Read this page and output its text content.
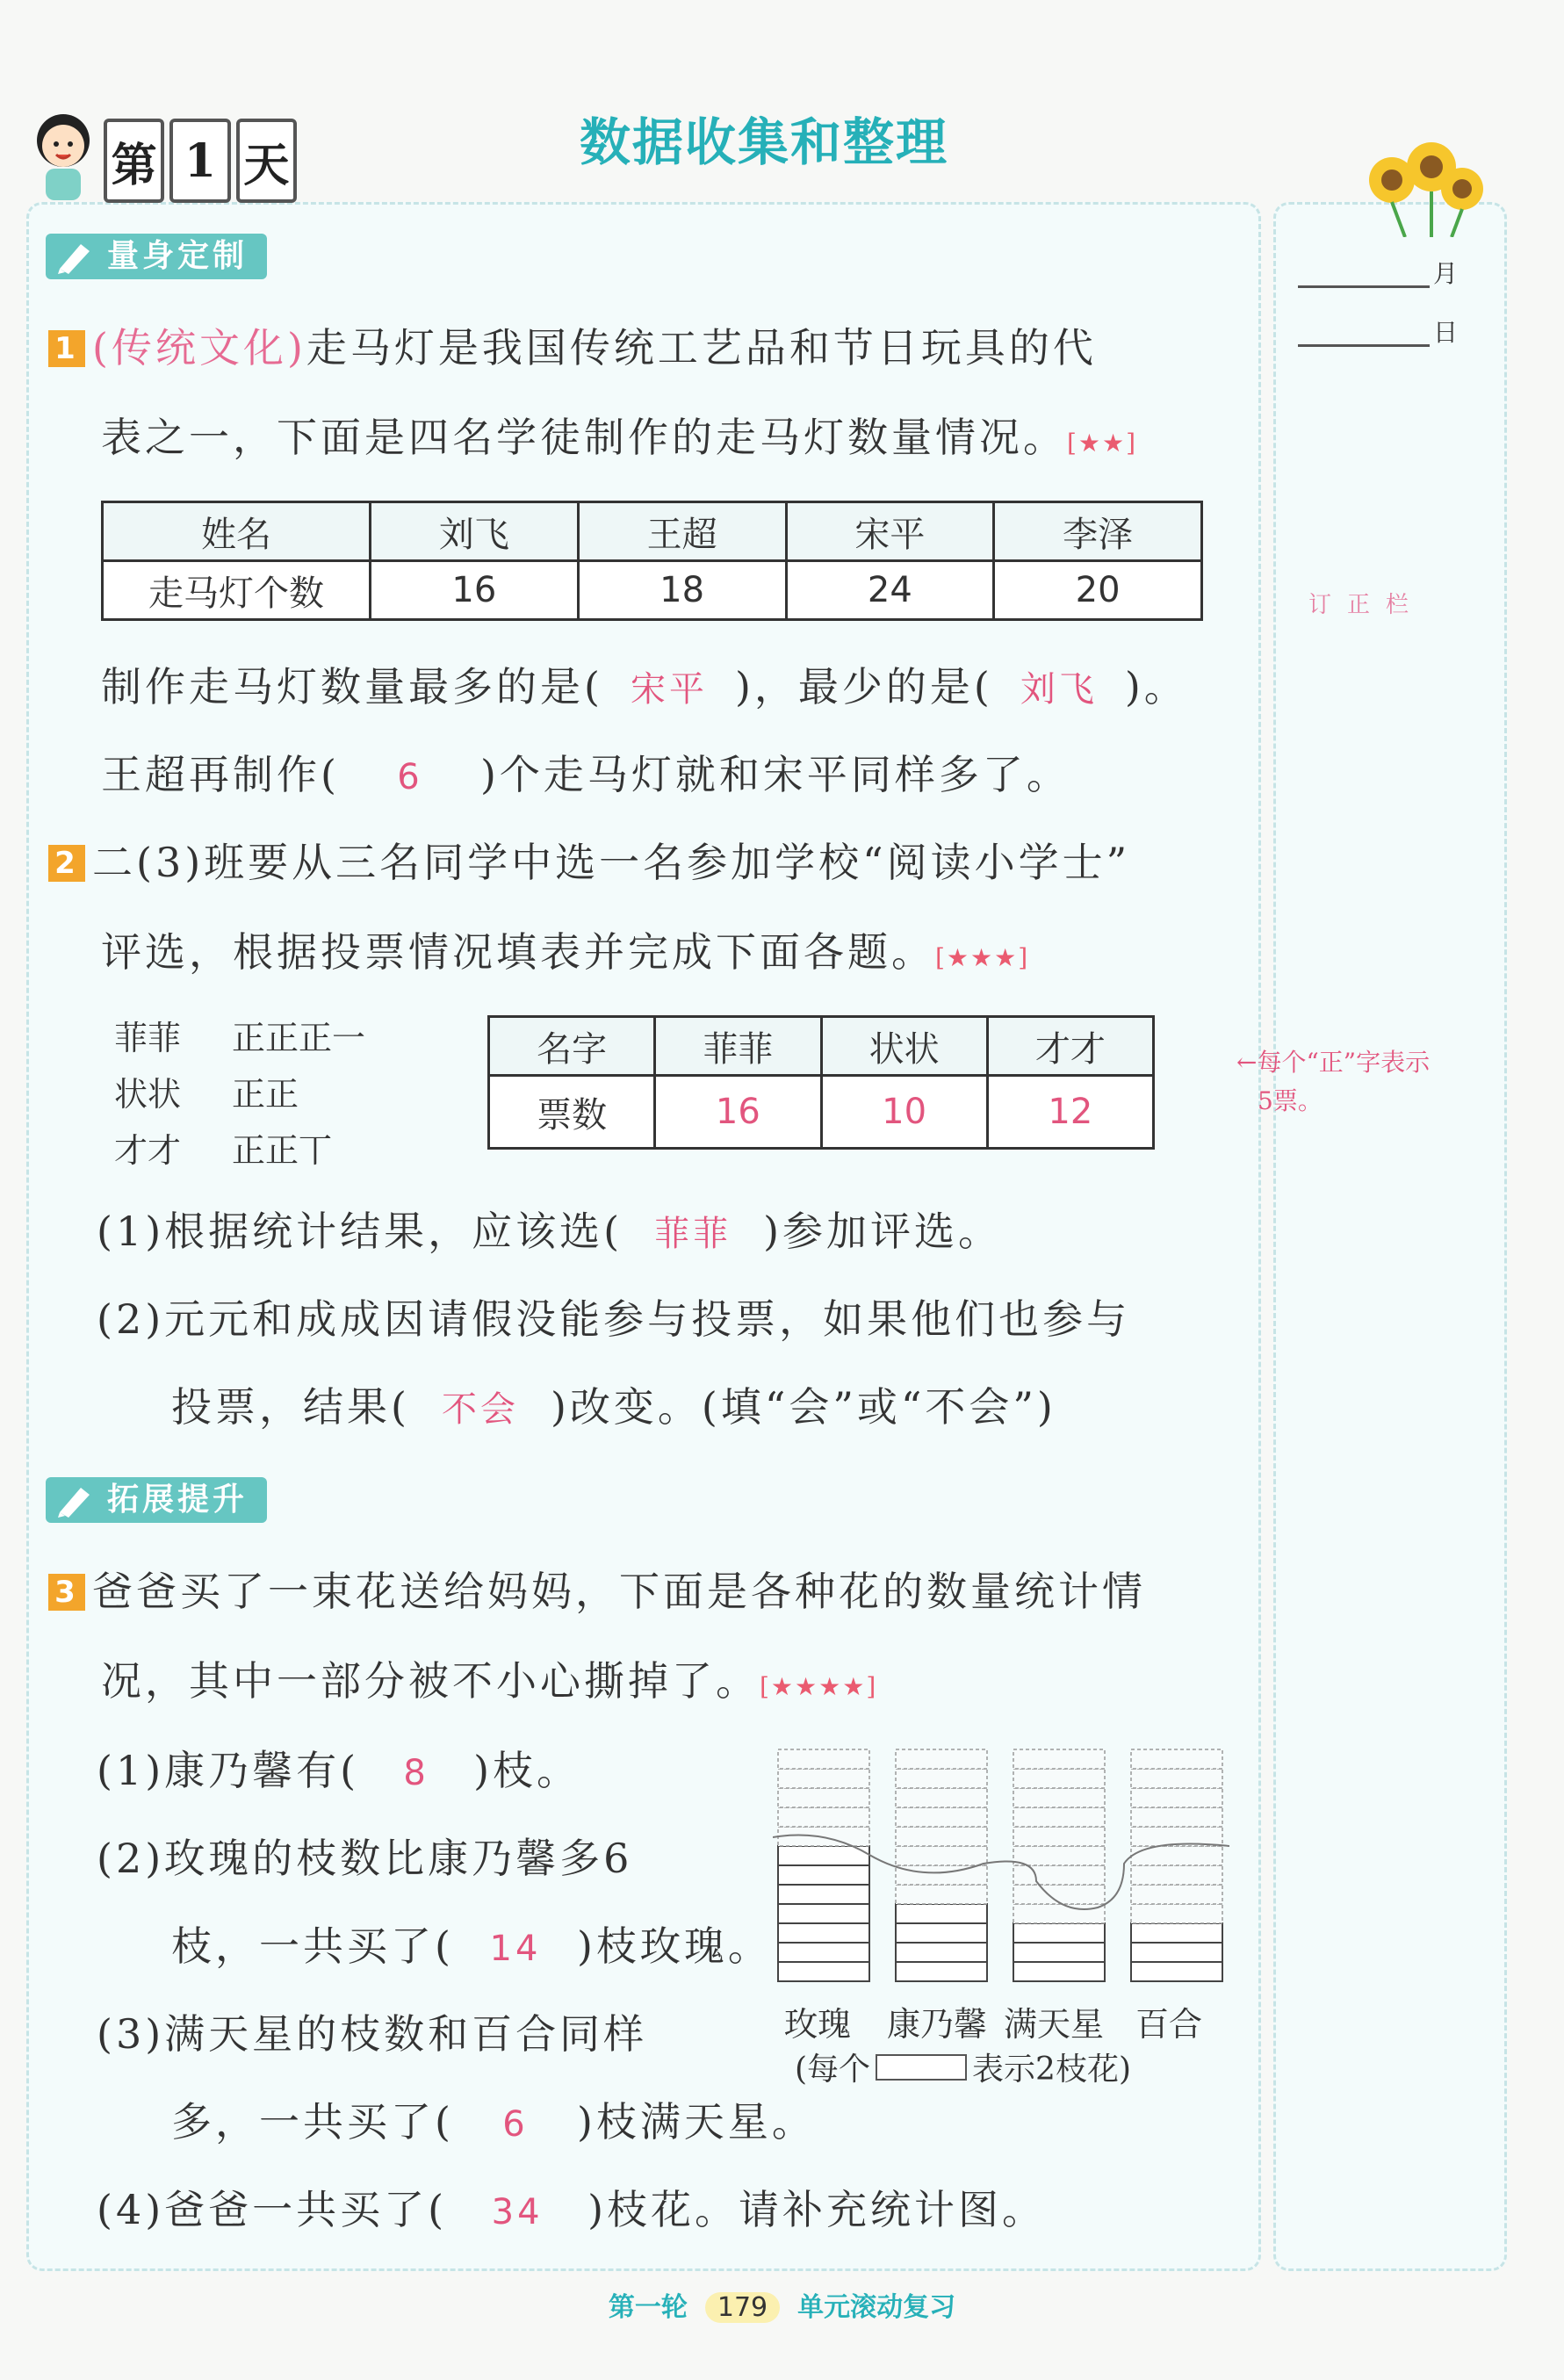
第 1 天	数据收集和整理
月
日
订正栏
量身定制
1 (传统文化)走马灯是我国传统工艺品和节日玩具的代
表之一，下面是四名学徒制作的走马灯数量情况。[★★]
姓名	刘飞	王超	宋平	李泽
走马灯个数	16	18	24	20
制作走马灯数量最多的是( 宋平 )，最少的是( 刘飞 )。
王超再制作( 6 )个走马灯就和宋平同样多了。
2 二(3)班要从三名同学中选一名参加学校“阅读小学士”
评选，根据投票情况填表并完成下面各题。[★★★]
菲菲 正正正一
状状 正正
才才 正正丅
名字	菲菲	状状	才才
票数	16	10	12
←每个“正”字表示
5票。
(1)根据统计结果，应该选( 菲菲 )参加评选。
(2)元元和成成因请假没能参与投票，如果他们也参与
投票，结果( 不会 )改变。(填“会”或“不会”)
拓展提升
3 爸爸买了一束花送给妈妈，下面是各种花的数量统计情
况，其中一部分被不小心撕掉了。[★★★★]
(1)康乃馨有( 8 )枝。
(2)玫瑰的枝数比康乃馨多6
枝，一共买了( 14 )枝玫瑰。
(3)满天星的枝数和百合同样
多，一共买了( 6 )枝满天星。
(4)爸爸一共买了( 34 )枝花。请补充统计图。
玫瑰 康乃馨 满天星 百合
(每个	表示2枝花)
第一轮 179 单元滚动复习
